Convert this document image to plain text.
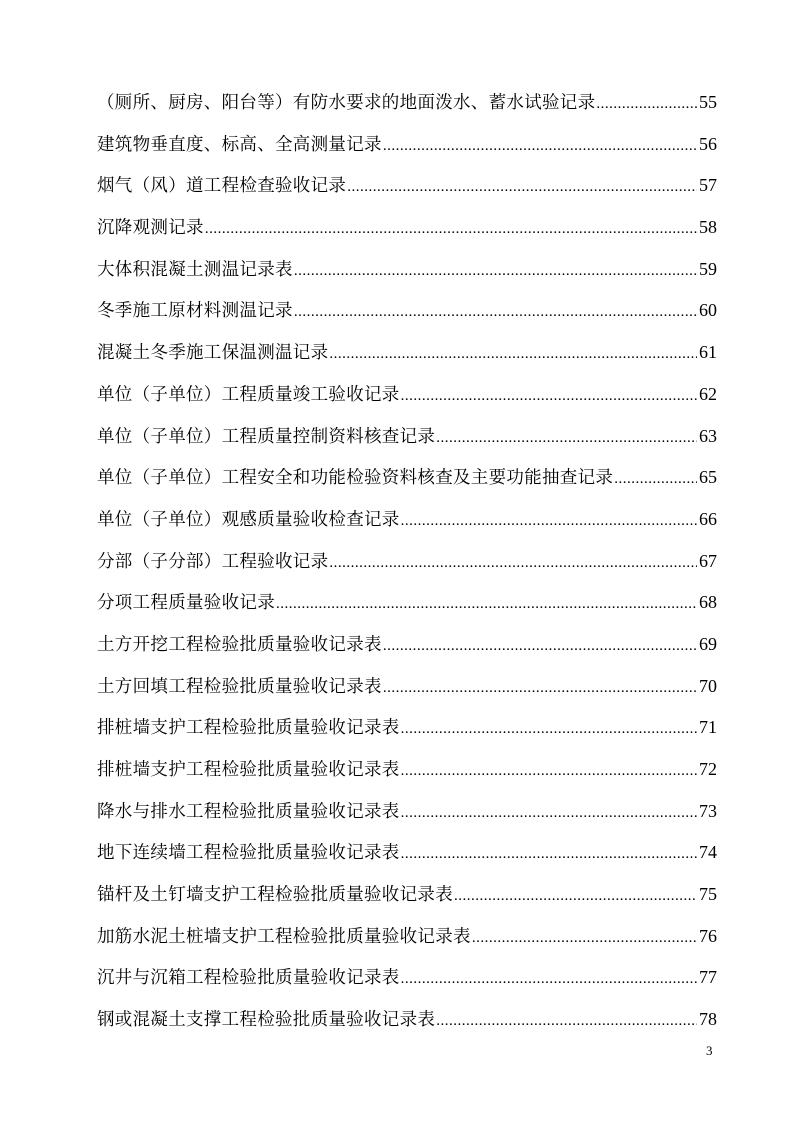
（厕所、厨房、阳台等）有防水要求的地面泼水、蓄水试验记录 .....	55
建筑物垂直度、标高、全高测量记录 .....	56
烟气（风）道工程检查验收记录 .....	57
沉降观测记录 .....	58
大体积混凝土测温记录表 .....	59
冬季施工原材料测温记录 .....	60
混凝土冬季施工保温测温记录 .....	61
单位（子单位）工程质量竣工验收记录 .....	62
单位（子单位）工程质量控制资料核查记录 .....	63
单位（子单位）工程安全和功能检验资料核查及主要功能抽查记录 .....	65
单位（子单位）观感质量验收检查记录 .....	66
分部（子分部）工程验收记录 .....	67
分项工程质量验收记录 .....	68
土方开挖工程检验批质量验收记录表 .....	69
土方回填工程检验批质量验收记录表 .....	70
排桩墙支护工程检验批质量验收记录表 .....	71
排桩墙支护工程检验批质量验收记录表 .....	72
降水与排水工程检验批质量验收记录表 .....	73
地下连续墙工程检验批质量验收记录表 .....	74
锚杆及土钉墙支护工程检验批质量验收记录表 .....	75
加筋水泥土桩墙支护工程检验批质量验收记录表 .....	76
沉井与沉箱工程检验批质量验收记录表 .....	77
钢或混凝土支撑工程检验批质量验收记录表 .....	78
3
